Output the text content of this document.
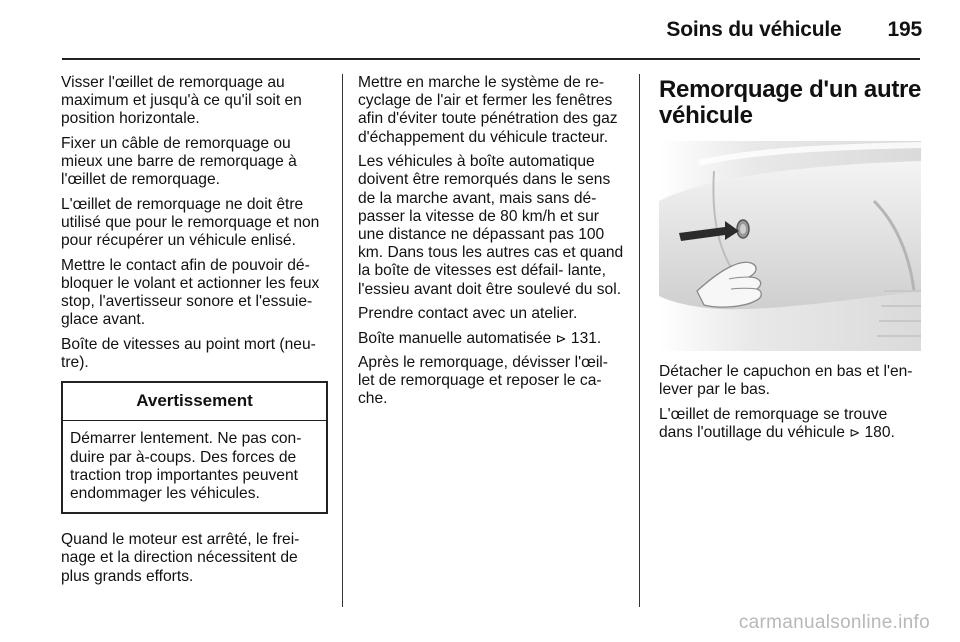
Soins du véhicule 195

Visser l'œillet de remorquage au maximum et jusqu'à ce qu'il soit en position horizontale.

Fixer un câble de remorquage ou mieux une barre de remorquage à l'œillet de remorquage.

L'œillet de remorquage ne doit être utilisé que pour le remorquage et non pour récupérer un véhicule enlisé.

Mettre le contact afin de pouvoir dé- bloquer le volant et actionner les feux stop, l'avertisseur sonore et l'essuie- glace avant.

Boîte de vitesses au point mort (neu- tre).

Avertissement
Démarrer lentement. Ne pas con- duire par à-coups. Des forces de traction trop importantes peuvent endommager les véhicules.

Quand le moteur est arrêté, le frei- nage et la direction nécessitent de plus grands efforts.

Mettre en marche le système de re- cyclage de l'air et fermer les fenêtres afin d'éviter toute pénétration des gaz d'échappement du véhicule tracteur.

Les véhicules à boîte automatique doivent être remorqués dans le sens de la marche avant, mais sans dé- passer la vitesse de 80 km/h et sur une distance ne dépassant pas 100 km. Dans tous les autres cas et quand la boîte de vitesses est défail- lante, l'essieu avant doit être soulevé du sol.

Prendre contact avec un atelier.

Boîte manuelle automatisée ⊳ 131.

Après le remorquage, dévisser l'œil- let de remorquage et reposer le ca- che.

Remorquage d'un autre véhicule

Détacher le capuchon en bas et l'en- lever par le bas.

L'œillet de remorquage se trouve dans l'outillage du véhicule ⊳ 180.

carmanualsonline.info
